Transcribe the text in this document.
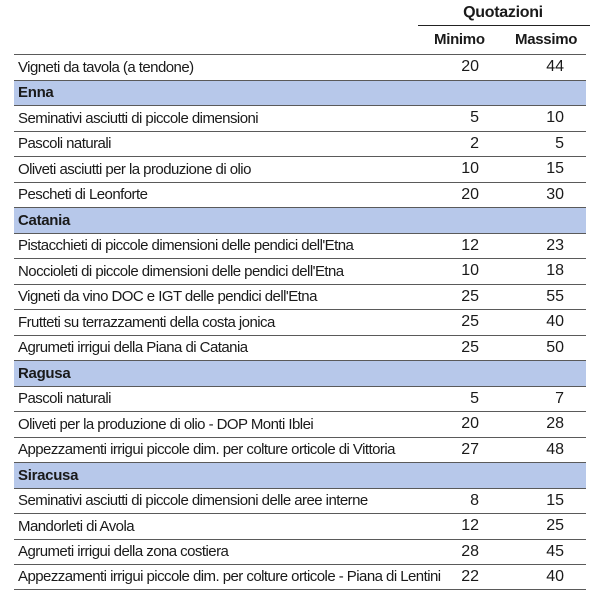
Quotazioni
Minimo Massimo
Vigneti da tavola (a tendone)	20	44
Enna
Seminativi asciutti di piccole dimensioni	5	10
Pascoli naturali	2	5
Oliveti asciutti per la produzione di olio	10	15
Pescheti di Leonforte	20	30
Catania
Pistacchieti di piccole dimensioni delle pendici dell'Etna	12	23
Noccioleti di piccole dimensioni delle pendici dell'Etna	10	18
Vigneti da vino DOC e IGT delle pendici dell'Etna	25	55
Frutteti su terrazzamenti della costa jonica	25	40
Agrumeti irrigui della Piana di Catania	25	50
Ragusa
Pascoli naturali	5	7
Oliveti per la produzione di olio - DOP Monti Iblei	20	28
Appezzamenti irrigui piccole dim. per colture orticole di Vittoria	27	48
Siracusa
Seminativi asciutti di piccole dimensioni delle aree interne	8	15
Mandorleti di Avola	12	25
Agrumeti irrigui della zona costiera	28	45
Appezzamenti irrigui piccole dim. per colture orticole - Piana di Lentini	22	40
